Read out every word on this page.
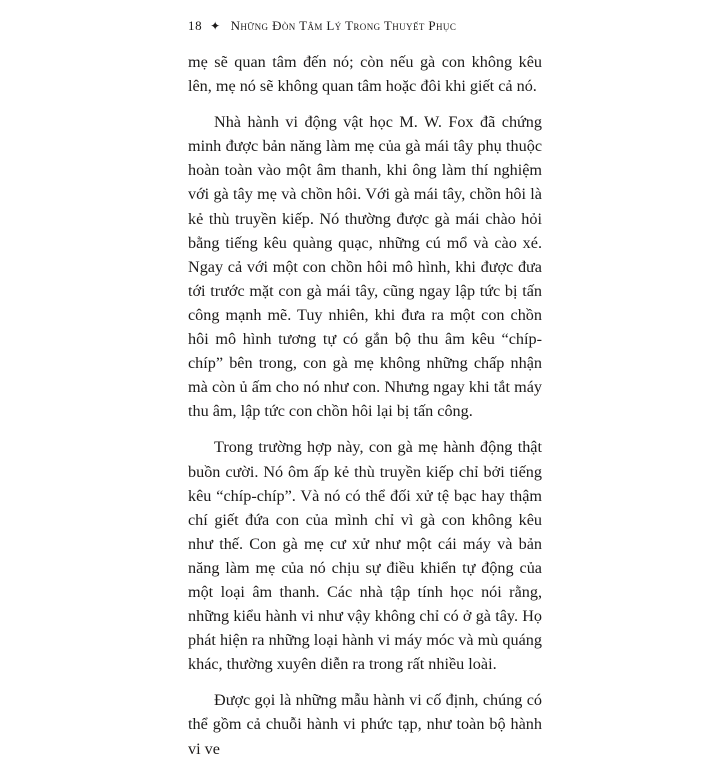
18 ✦ Những Đòn Tâm Lý Trong Thuyết Phục

mẹ sẽ quan tâm đến nó; còn nếu gà con không kêu lên, mẹ nó sẽ không quan tâm hoặc đôi khi giết cả nó.

Nhà hành vi động vật học M. W. Fox đã chứng minh được bản năng làm mẹ của gà mái tây phụ thuộc hoàn toàn vào một âm thanh, khi ông làm thí nghiệm với gà tây mẹ và chồn hôi. Với gà mái tây, chồn hôi là kẻ thù truyền kiếp. Nó thường được gà mái chào hỏi bằng tiếng kêu quàng quạc, những cú mổ và cào xé. Ngay cả với một con chồn hôi mô hình, khi được đưa tới trước mặt con gà mái tây, cũng ngay lập tức bị tấn công mạnh mẽ. Tuy nhiên, khi đưa ra một con chồn hôi mô hình tương tự có gắn bộ thu âm kêu “chíp-chíp” bên trong, con gà mẹ không những chấp nhận mà còn ủ ấm cho nó như con. Nhưng ngay khi tắt máy thu âm, lập tức con chồn hôi lại bị tấn công.

Trong trường hợp này, con gà mẹ hành động thật buồn cười. Nó ôm ấp kẻ thù truyền kiếp chỉ bởi tiếng kêu “chíp-chíp”. Và nó có thể đối xử tệ bạc hay thậm chí giết đứa con của mình chỉ vì gà con không kêu như thế. Con gà mẹ cư xử như một cái máy và bản năng làm mẹ của nó chịu sự điều khiển tự động của một loại âm thanh. Các nhà tập tính học nói rằng, những kiểu hành vi như vậy không chỉ có ở gà tây. Họ phát hiện ra những loại hành vi máy móc và mù quáng khác, thường xuyên diễn ra trong rất nhiều loài.

Được gọi là những mẫu hành vi cố định, chúng có thể gồm cả chuỗi hành vi phức tạp, như toàn bộ hành vi ve
